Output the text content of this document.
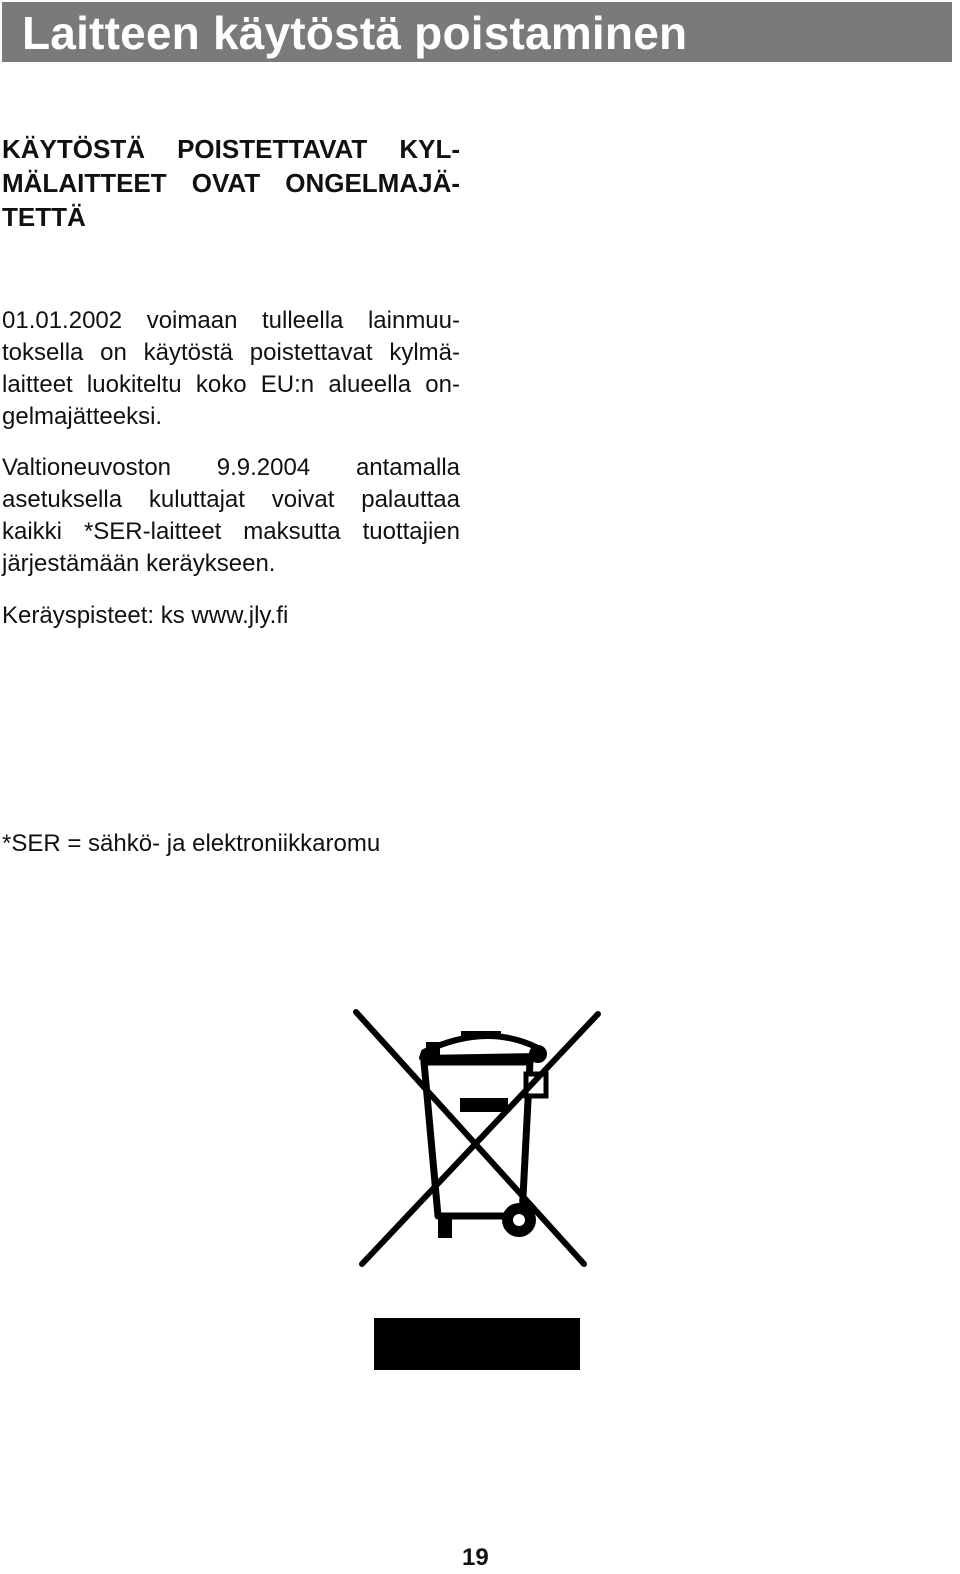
Laitteen käytöstä poistaminen
KÄYTÖSTÄ POISTETTAVAT KYL-
MÄLAITTEET OVAT ONGELMAJÄ-
TETTÄ
01.01.2002 voimaan tulleella lainmuu-
toksella on käytöstä poistettavat kylmä-
laitteet luokiteltu koko EU:n alueella on-
gelmajätteeksi.
Valtioneuvoston 9.9.2004 antamalla
asetuksella kuluttajat voivat palauttaa
kaikki *SER-laitteet maksutta tuottajien
järjestämään keräykseen.
Keräyspisteet: ks www.jly.fi
*SER = sähkö- ja elektroniikkaromu
19
